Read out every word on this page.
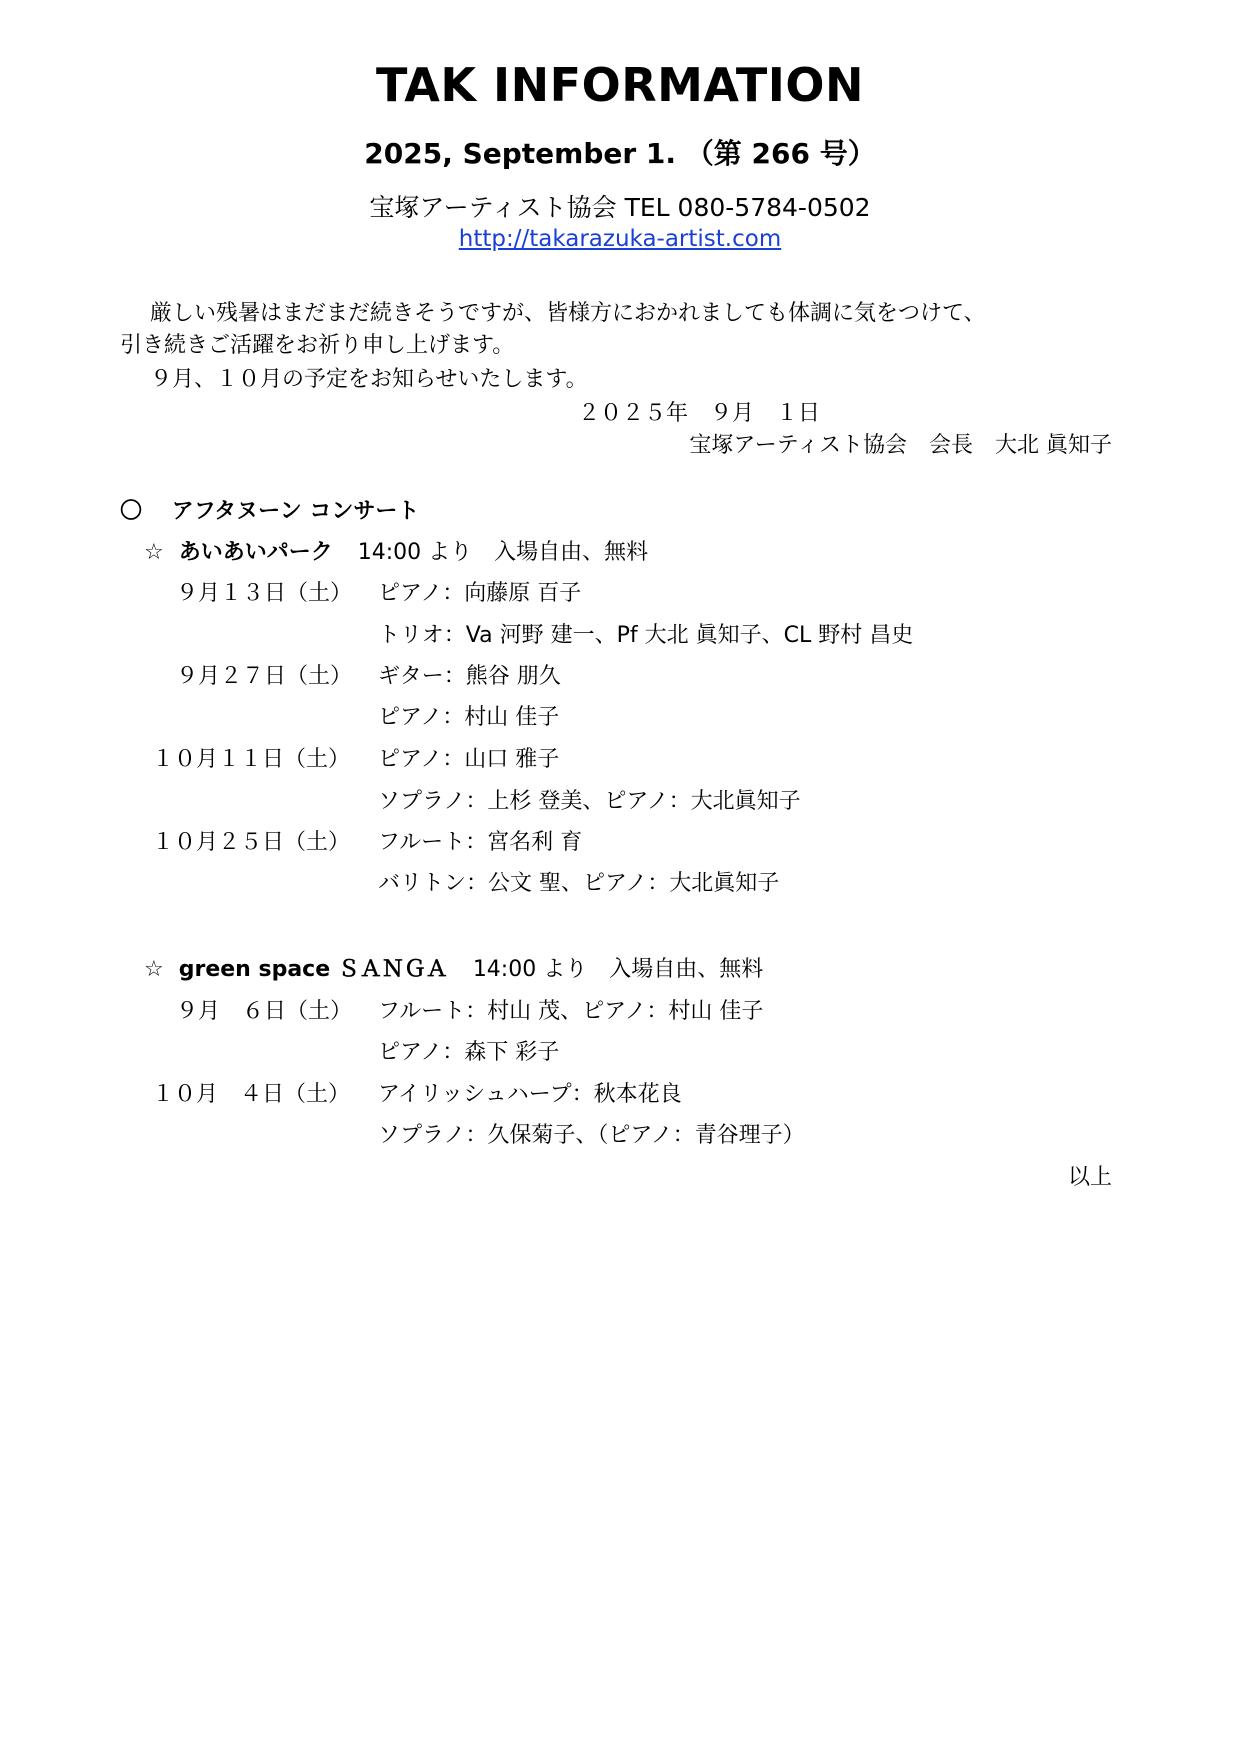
TAK INFORMATION
2025, September 1. （第 266 号）
宝塚アーティスト協会 TEL 080-5784-0502
http://takarazuka-artist.com
厳しい残暑はまだまだ続きそうですが、皆様方におかれましても体調に気をつけて、
引き続きご活躍をお祈り申し上げます。
９月、１０月の予定をお知らせいたします。
２０２５年　９月　１日
宝塚アーティスト協会　会長　大北 眞知子
〇 アフタヌーン コンサート
☆ あいあいパーク 14:00 より　入場自由、無料
９月１３日（土） ピアノ：向藤原 百子
トリオ：Va 河野 建一、Pf 大北 眞知子、CL 野村 昌史
９月２７日（土） ギター：熊谷 朋久
ピアノ：村山 佳子
１０月１１日（土） ピアノ：山口 雅子
ソプラノ：上杉 登美、ピアノ：大北眞知子
１０月２５日（土） フルート：宮名利 育
バリトン：公文 聖、ピアノ：大北眞知子
☆ green space ＳＡＮＧＡ 14:00 より　入場自由、無料
９月　６日（土） フルート：村山 茂、ピアノ：村山 佳子
ピアノ：森下 彩子
１０月　４日（土） アイリッシュハープ：秋本花良
ソプラノ：久保菊子、（ピアノ：青谷理子）
以上
